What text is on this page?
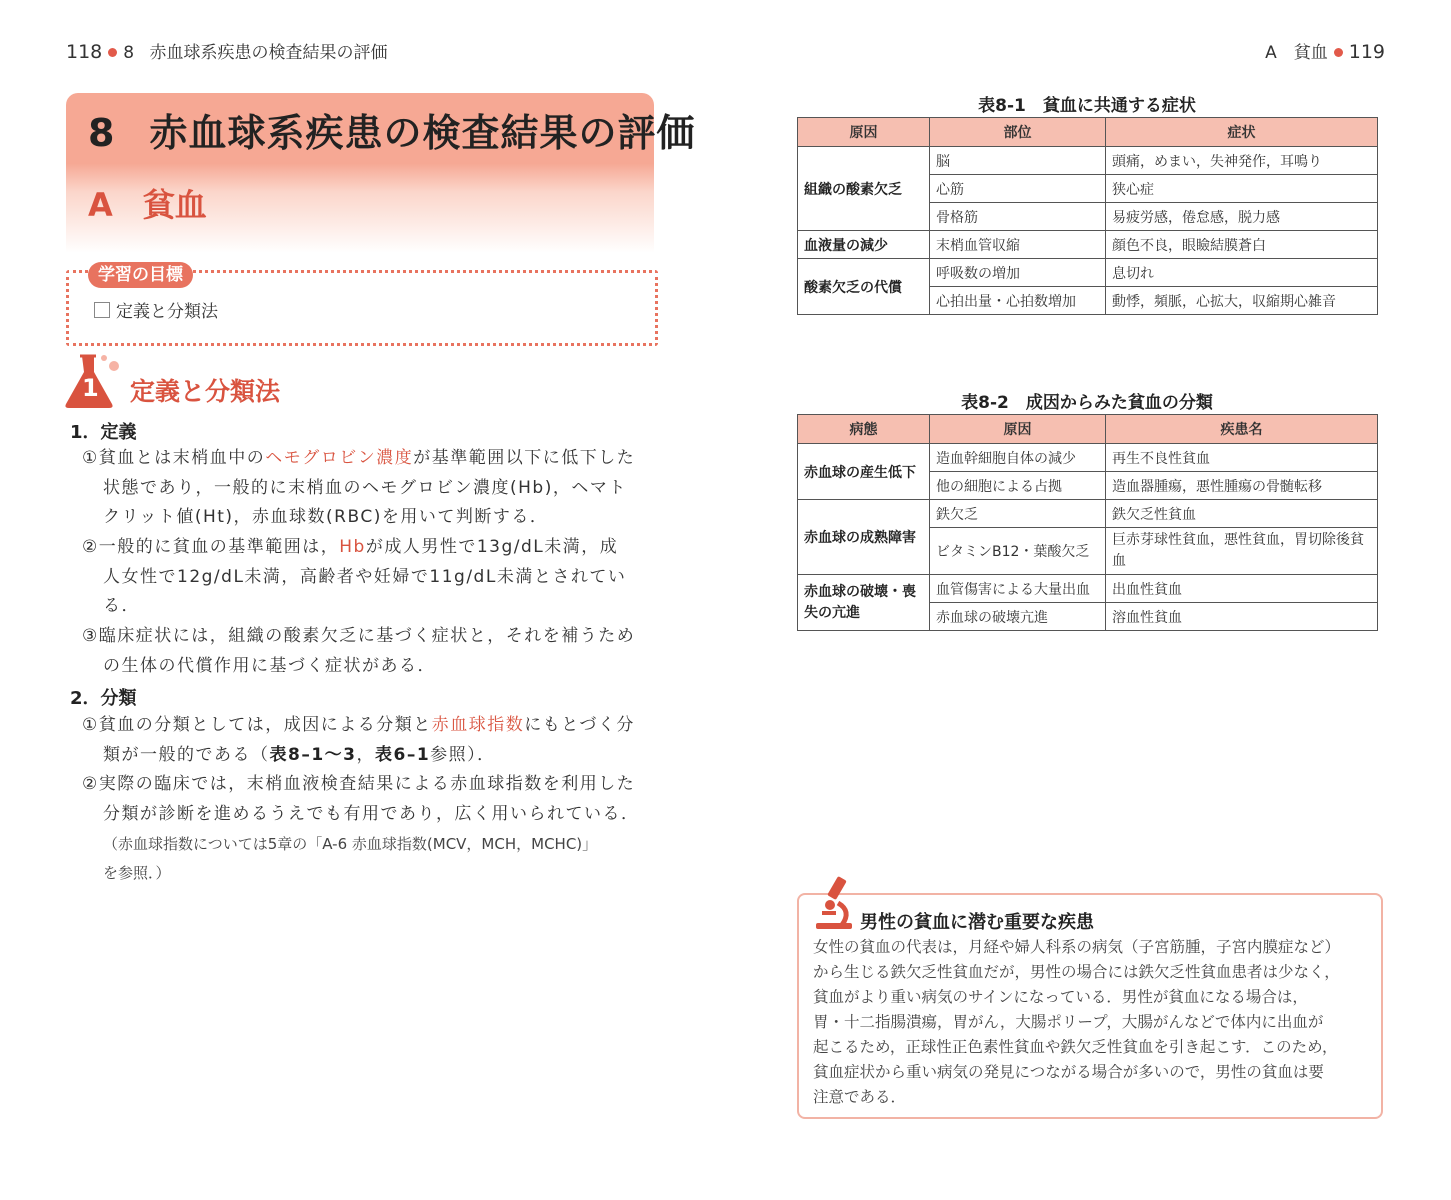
118 8 赤血球系疾患の検査結果の評価	A　貧血 119
8 赤血球系疾患の検査結果の評価
A 貧血
学習の目標
定義と分類法
1 定義と分類法
1．定義
①貧血とは末梢血中のヘモグロビン濃度が基準範囲以下に低下した
状態であり，一般的に末梢血のヘモグロビン濃度(Hb)，ヘマト
クリット値(Ht)，赤血球数(RBC)を用いて判断する．
②一般的に貧血の基準範囲は，Hbが成人男性で13g/dL未満，成
人女性で12g/dL未満，高齢者や妊婦で11g/dL未満とされてい
る．
③臨床症状には，組織の酸素欠乏に基づく症状と，それを補うため
の生体の代償作用に基づく症状がある．
2．分類
①貧血の分類としては，成因による分類と赤血球指数にもとづく分
類が一般的である（表8–1～3，表6–1参照）．
②実際の臨床では，末梢血液検査結果による赤血球指数を利用した
分類が診断を進めるうえでも有用であり，広く用いられている．
（赤血球指数については5章の「A-6 赤血球指数(MCV，MCH，MCHC)」
を参照．）
表8-1　貧血に共通する症状
原因	部位	症状
組織の酸素欠乏	脳	頭痛，めまい，失神発作，耳鳴り
	心筋	狭心症
	骨格筋	易疲労感，倦怠感，脱力感
血液量の減少	末梢血管収縮	顔色不良，眼瞼結膜蒼白
酸素欠乏の代償	呼吸数の増加	息切れ
	心拍出量・心拍数増加	動悸，頻脈，心拡大，収縮期心雑音
表8-2　成因からみた貧血の分類
病態	原因	疾患名
赤血球の産生低下	造血幹細胞自体の減少	再生不良性貧血
	他の細胞による占拠	造血器腫瘍，悪性腫瘍の骨髄転移
赤血球の成熟障害	鉄欠乏	鉄欠乏性貧血
	ビタミンB12・葉酸欠乏	巨赤芽球性貧血，悪性貧血，胃切除後貧血
赤血球の破壊・喪失の亢進	血管傷害による大量出血	出血性貧血
	赤血球の破壊亢進	溶血性貧血
男性の貧血に潜む重要な疾患
女性の貧血の代表は，月経や婦人科系の病気（子宮筋腫，子宮内膜症など）
から生じる鉄欠乏性貧血だが，男性の場合には鉄欠乏性貧血患者は少なく，
貧血がより重い病気のサインになっている．男性が貧血になる場合は，
胃・十二指腸潰瘍，胃がん，大腸ポリープ，大腸がんなどで体内に出血が
起こるため，正球性正色素性貧血や鉄欠乏性貧血を引き起こす．このため，
貧血症状から重い病気の発見につながる場合が多いので，男性の貧血は要
注意である．
